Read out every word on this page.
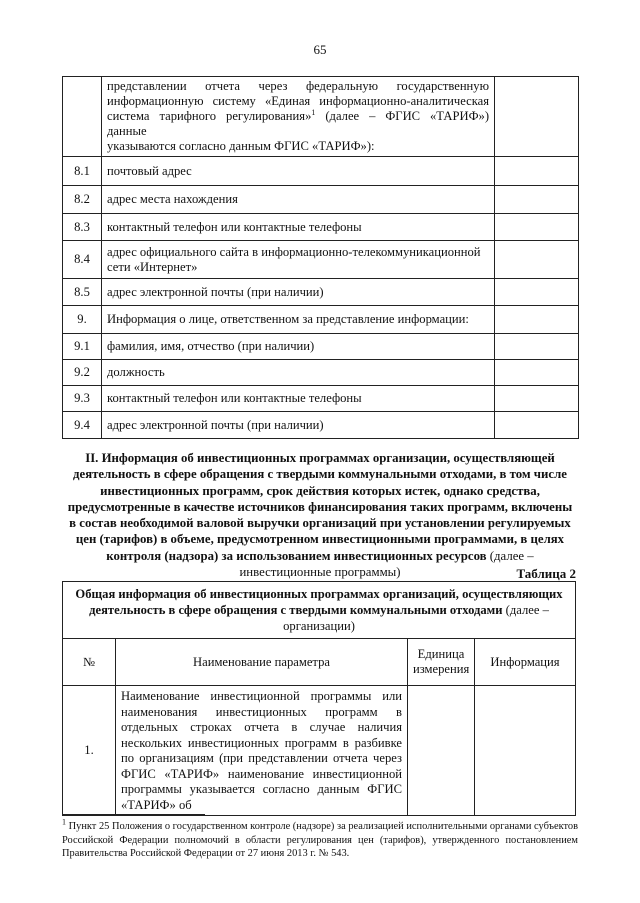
65

	представлении отчета через федеральную государственную
информационную систему «Единая информационно-аналитическая
система тарифного регулирования»$^1$ (далее – ФГИС «ТАРИФ») данные
указываются согласно данным ФГИС «ТАРИФ»):	

8.1	почтовый адрес	
8.2	адрес места нахождения	
8.3	контактный телефон или контактные телефоны	
8.4	адрес официального сайта в информационно-телекоммуникационной сети «Интернет»	
8.5	адрес электронной почты (при наличии)	
9.	Информация о лице, ответственном за представление информации:	
9.1	фамилия, имя, отчество (при наличии)	
9.2	должность	
9.3	контактный телефон или контактные телефоны	
9.4	адрес электронной почты (при наличии)	
II. Информация об инвестиционных программах организации, осуществляющей деятельность в сфере обращения с твердыми коммунальными отходами, в том числе инвестиционных программ, срок действия которых истек, однако средства, предусмотренные в качестве источников финансирования таких программ, включены в состав необходимой валовой выручки организаций при установлении регулируемых цен (тарифов) в объеме, предусмотренном инвестиционными программами, в целях контроля (надзора) за использованием инвестиционных ресурсов (далее – инвестиционные программы)	Таблица 2
Общая информация об инвестиционных программах организаций, осуществляющих деятельность в сфере обращения с твердыми коммунальными отходами (далее – организации)			
№	Наименование параметра	Единица измерения	Информация
1.	Наименование инвестиционной программы или наименования инвестиционных программ в отдельных строках отчета в случае наличия нескольких инвестиционных программ в разбивке по организациям (при представлении отчета через ФГИС «ТАРИФ» наименование инвестиционной программы указывается согласно данным ФГИС «ТАРИФ» об		
$^1$ Пункт 25 Положения о государственном контроле (надзоре) за реализацией исполнительными органами субъектов Российской Федерации полномочий в области регулирования цен (тарифов), утвержденного постановлением Правительства Российской Федерации от 27 июня 2013 г. № 543.
